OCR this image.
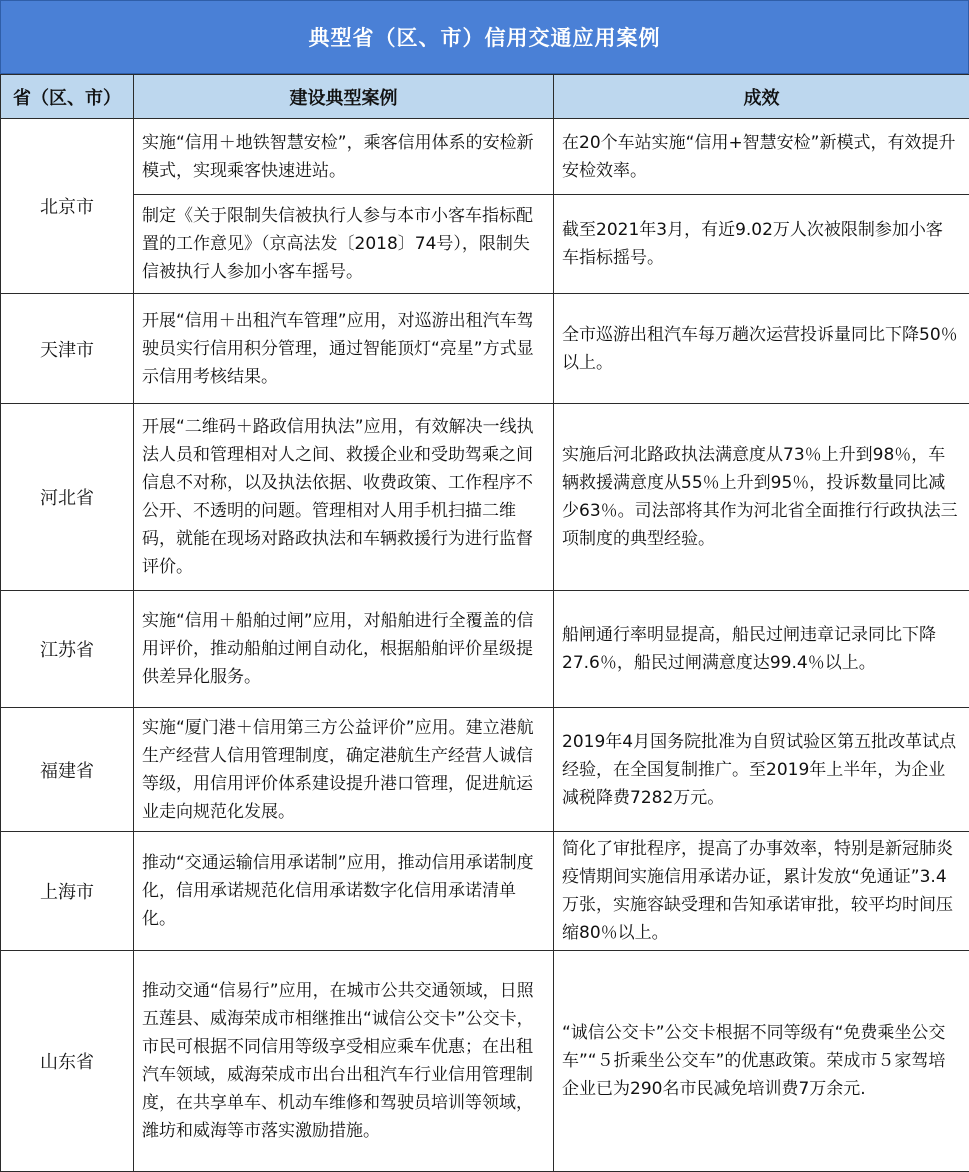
典型省（区、市）信用交通应用案例
省（区、市）	建设典型案例	成效
北京市	实施“信用＋地铁智慧安检”，乘客信用体系的安检新模式，实现乘客快速进站。	在20个车站实施“信用+智慧安检”新模式，有效提升安检效率。
	制定《关于限制失信被执行人参与本市小客车指标配置的工作意见》（京高法发〔2018〕74号），限制失信被执行人参加小客车摇号。	截至2021年3月，有近9.02万人次被限制参加小客车指标摇号。
天津市	开展“信用＋出租汽车管理”应用，对巡游出租汽车驾驶员实行信用积分管理，通过智能顶灯“亮星”方式显示信用考核结果。	全市巡游出租汽车每万趟次运营投诉量同比下降50％以上。
河北省	开展“二维码＋路政信用执法”应用，有效解决一线执法人员和管理相对人之间、救援企业和受助驾乘之间信息不对称，以及执法依据、收费政策、工作程序不公开、不透明的问题。管理相对人用手机扫描二维码，就能在现场对路政执法和车辆救援行为进行监督评价。	实施后河北路政执法满意度从73％上升到98％，车辆救援满意度从55％上升到95％，投诉数量同比减少63％。司法部将其作为河北省全面推行行政执法三项制度的典型经验。
江苏省	实施“信用＋船舶过闸”应用，对船舶进行全覆盖的信用评价，推动船舶过闸自动化，根据船舶评价星级提供差异化服务。	船闸通行率明显提高，船民过闸违章记录同比下降27.6％，船民过闸满意度达99.4％以上。
福建省	实施“厦门港＋信用第三方公益评价”应用。建立港航生产经营人信用管理制度，确定港航生产经营人诚信等级，用信用评价体系建设提升港口管理，促进航运业走向规范化发展。	2019年4月国务院批准为自贸试验区第五批改革试点经验，在全国复制推广。至2019年上半年，为企业减税降费7282万元。
上海市	推动“交通运输信用承诺制”应用，推动信用承诺制度化，信用承诺规范化信用承诺数字化信用承诺清单化。	简化了审批程序，提高了办事效率，特别是新冠肺炎疫情期间实施信用承诺办证，累计发放“免通证”3.4万张，实施容缺受理和告知承诺审批，较平均时间压缩80％以上。
山东省	推动交通“信易行”应用，在城市公共交通领域，日照五莲县、威海荣成市相继推出“诚信公交卡”公交卡，市民可根据不同信用等级享受相应乘车优惠；在出租汽车领域，威海荣成市出台出租汽车行业信用管理制度，在共享单车、机动车维修和驾驶员培训等领域，潍坊和威海等市落实激励措施。	“诚信公交卡”公交卡根据不同等级有“免费乘坐公交车”“５折乘坐公交车”的优惠政策。荣成市５家驾培企业已为290名市民减免培训费7万余元.
